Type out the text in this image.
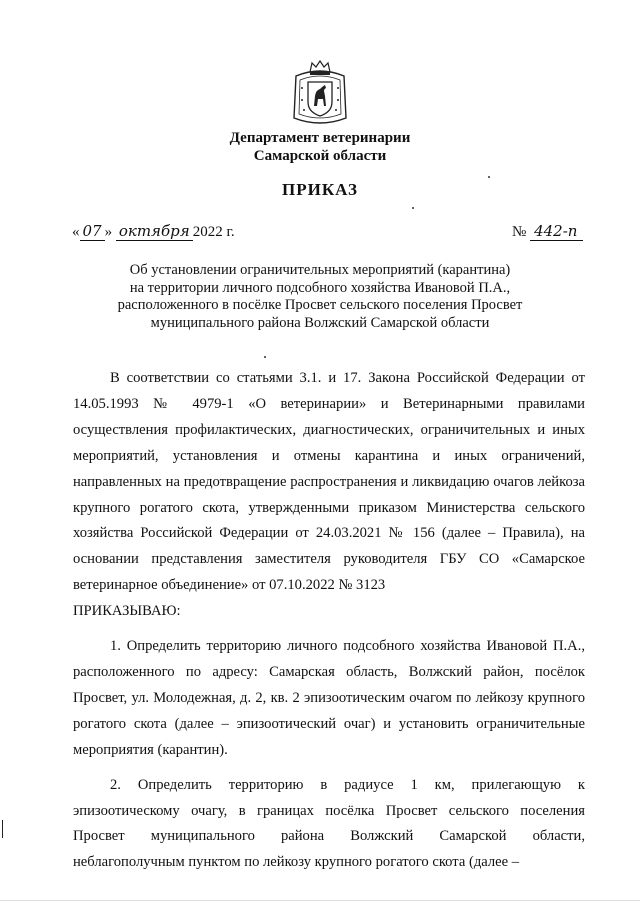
Департамент ветеринарии
Самарской области
ПРИКАЗ
« 07 » октября 2022 г.	№ 442-п
Об установлении ограничительных мероприятий (карантина)
на территории личного подсобного хозяйства Ивановой П.А.,
расположенного в посёлке Просвет сельского поселения Просвет
муниципального района Волжский Самарской области

В соответствии со статьями 3.1. и 17. Закона Российской Федерации от 14.05.1993 № 4979-1 «О ветеринарии» и Ветеринарными правилами осуществления профилактических, диагностических, ограничительных и иных мероприятий, установления и отмены карантина и иных ограничений, направленных на предотвращение распространения и ликвидацию очагов лейкоза крупного рогатого скота, утвержденными приказом Министерства сельского хозяйства Российской Федерации от 24.03.2021 № 156 (далее – Правила), на основании представления заместителя руководителя ГБУ СО «Самарское ветеринарное объединение» от 07.10.2022 № 3123

ПРИКАЗЫВАЮ:

1. Определить территорию личного подсобного хозяйства Ивановой П.А., расположенного по адресу: Самарская область, Волжский район, посёлок Просвет, ул. Молодежная, д. 2, кв. 2 эпизоотическим очагом по лейкозу крупного рогатого скота (далее – эпизоотический очаг) и установить ограничительные мероприятия (карантин).

2. Определить территорию в радиусе 1 км, прилегающую к эпизоотическому очагу, в границах посёлка Просвет сельского поселения Просвет муниципального района Волжский Самарской области, неблагополучным пунктом по лейкозу крупного рогатого скота (далее –
